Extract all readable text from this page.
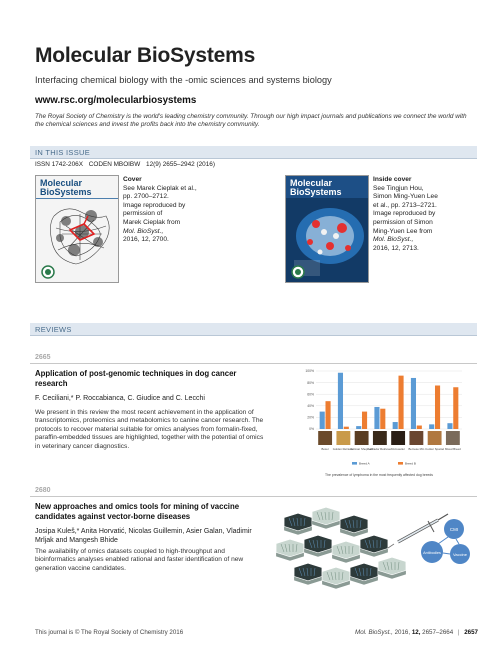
Molecular BioSystems
Interfacing chemical biology with the -omic sciences and systems biology
www.rsc.org/molecularbiosystems
The Royal Society of Chemistry is the world's leading chemistry community. Through our high impact journals and publications we connect the world with the chemical sciences and invest the profits back into the chemistry community.
IN THIS ISSUE
ISSN 1742-206X CODEN MBOIBW 12(9) 2655–2942 (2016)
Molecular
BioSystems
Cover
See Marek Cieplak et al.,
pp. 2700–2712.
Image reproduced by
permission of
Marek Cieplak from
Mol. BioSyst.,
2016, 12, 2700.
Molecular
BioSystems
Inside cover
See Tingjun Hou,
Simon Ming-Yuen Lee
et al., pp. 2713–2721.
Image reproduced by
permission of Simon
Ming-Yuen Lee from
Mol. BioSyst.,
2016, 12, 2713.
REVIEWS
2665
Application of post-genomic techniques in dog cancer research
F. Ceciliani,* P. Roccabianca, C. Giudice and C. Lecchi
We present in this review the most recent achievement in the application of transcriptomics, proteomics and metabolomics to canine cancer research. The protocols to recover material suitable for omics analyses from formalin-fixed, paraffin-embedded tissues are highlighted, together with the potential of omics in veterinary cancer diagnostics.
0%
20%
40%
60%
80%
100%
Boxer Golden Retriever
German Shepherd
Labrador Retriever Rott-weiler Bernese Mtn Cocker Spaniel Mixed Breed
Breed A	Breed B
The prevalence of lymphoma in the most frequently affected dog breeds
2680
New approaches and omics tools for mining of vaccine candidates against vector-borne diseases
Josipa Kuleš,* Anita Horvatić, Nicolas Guillemin, Asier Galan, Vladimir Mrljak and Mangesh Bhide
The availability of omics datasets coupled to high-throughput and bioinformatics analyses enabled rational and faster identification of new generation vaccine candidates.
CMI
Antibodies	Vaccine
This journal is © The Royal Society of Chemistry 2016	Mol. BioSyst., 2016, 12, 2657–2664 | 2657
